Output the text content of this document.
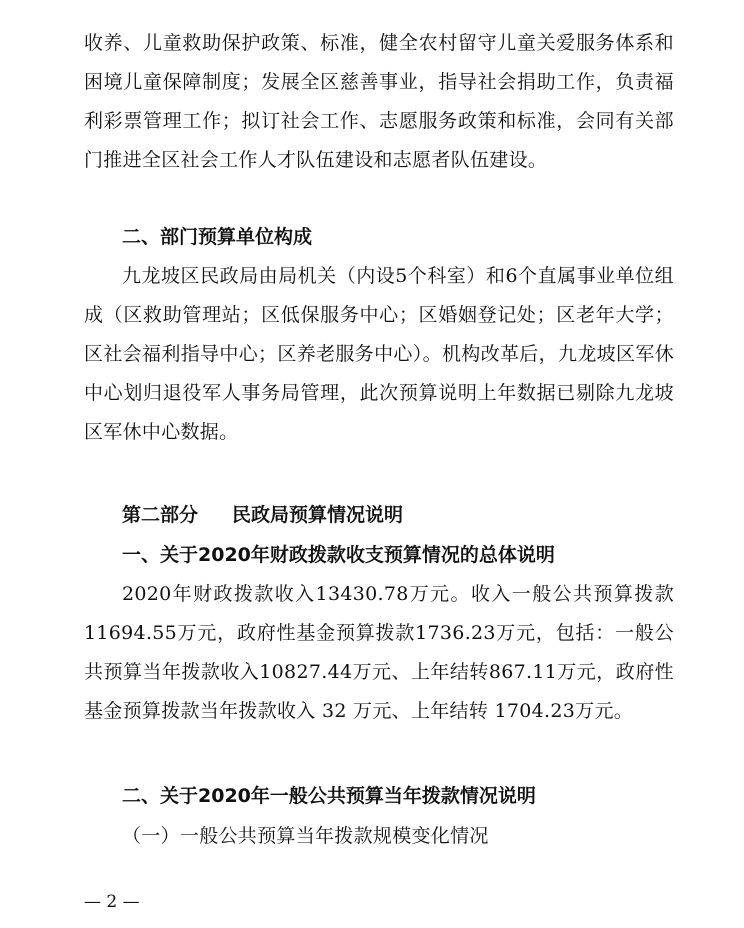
收养、儿童救助保护政策、标准，健全农村留守儿童关爱服务体系和困境儿童保障制度；发展全区慈善事业，指导社会捐助工作，负责福利彩票管理工作；拟订社会工作、志愿服务政策和标准，会同有关部门推进全区社会工作人才队伍建设和志愿者队伍建设。

二、部门预算单位构成

九龙坡区民政局由局机关（内设5个科室）和6个直属事业单位组成（区救助管理站；区低保服务中心；区婚姻登记处；区老年大学；区社会福利指导中心；区养老服务中心）。机构改革后，九龙坡区军休中心划归退役军人事务局管理，此次预算说明上年数据已剔除九龙坡区军休中心数据。

第二部分 民政局预算情况说明

一、关于2020年财政拨款收支预算情况的总体说明

2020年财政拨款收入13430.78万元。收入一般公共预算拨款11694.55万元，政府性基金预算拨款1736.23万元，包括：一般公共预算当年拨款收入10827.44万元、上年结转867.11万元，政府性基金预算拨款当年拨款收入 32 万元、上年结转 1704.23万元。

二、关于2020年一般公共预算当年拨款情况说明

（一）一般公共预算当年拨款规模变化情况

— 2 —
